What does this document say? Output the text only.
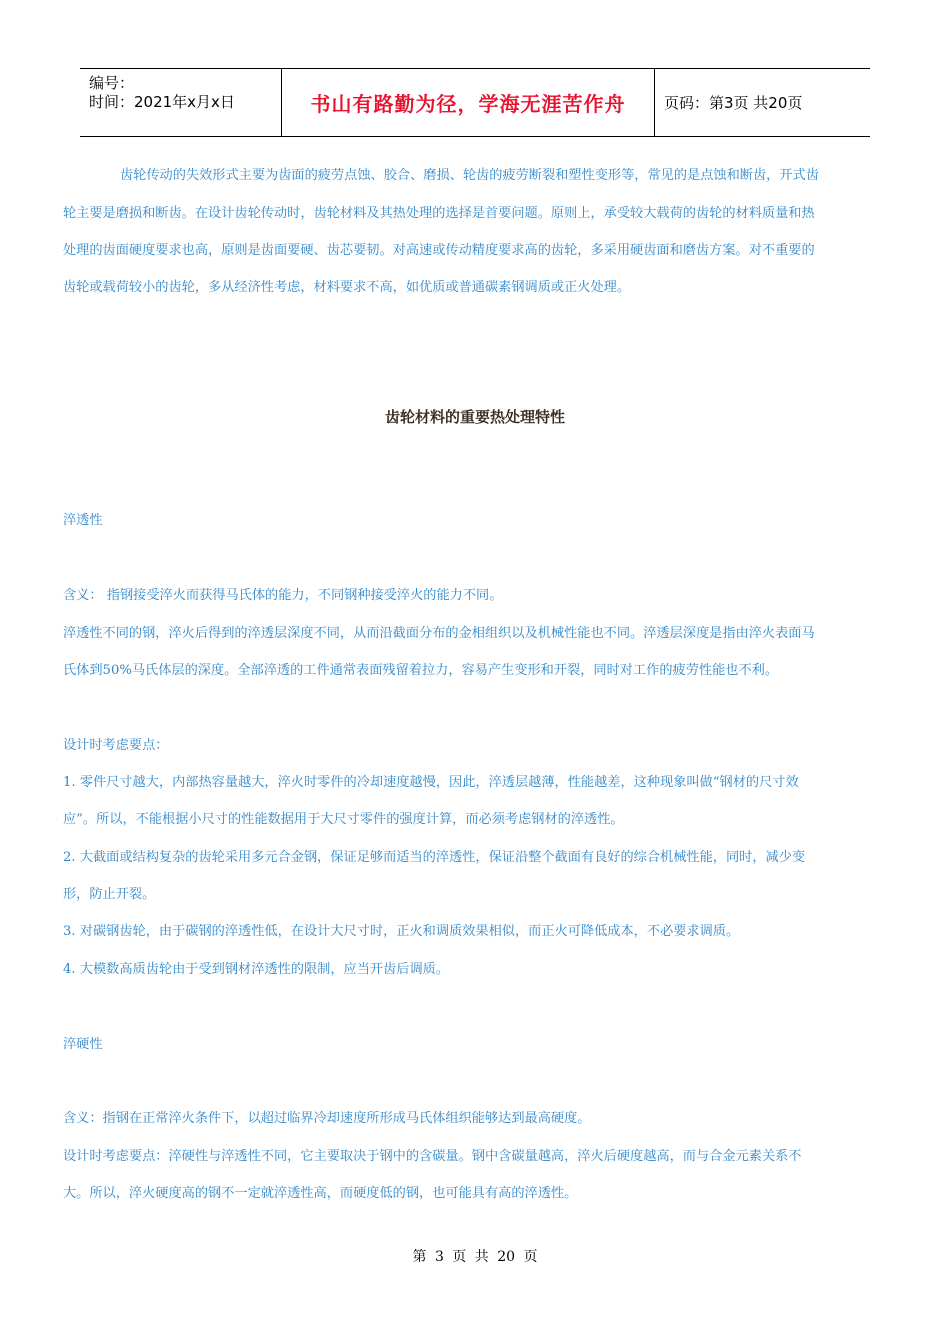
编号：
时间：2021年x月x日	书山有路勤为径，学海无涯苦作舟	页码：第3页 共20页
齿轮传动的失效形式主要为齿面的疲劳点蚀、胶合、磨损、轮齿的疲劳断裂和塑性变形等，常见的是点蚀和断齿，开式齿
轮主要是磨损和断齿。在设计齿轮传动时，齿轮材料及其热处理的选择是首要问题。原则上，承受较大载荷的齿轮的材料质量和热
处理的齿面硬度要求也高，原则是齿面要硬、齿芯要韧。对高速或传动精度要求高的齿轮，多采用硬齿面和磨齿方案。对不重要的
齿轮或载荷较小的齿轮，多从经济性考虑，材料要求不高，如优质或普通碳素钢调质或正火处理。
齿轮材料的重要热处理特性
淬透性
含义： 指钢接受淬火而获得马氏体的能力，不同钢种接受淬火的能力不同。
淬透性不同的钢，淬火后得到的淬透层深度不同，从而沿截面分布的金相组织以及机械性能也不同。淬透层深度是指由淬火表面马
氏体到50%马氏体层的深度。全部淬透的工件通常表面残留着拉力，容易产生变形和开裂，同时对工作的疲劳性能也不利。
设计时考虑要点：
1. 零件尺寸越大，内部热容量越大，淬火时零件的冷却速度越慢，因此，淬透层越薄，性能越差，这种现象叫做“钢材的尺寸效
应”。所以，不能根据小尺寸的性能数据用于大尺寸零件的强度计算，而必须考虑钢材的淬透性。
2. 大截面或结构复杂的齿轮采用多元合金钢，保证足够而适当的淬透性，保证沿整个截面有良好的综合机械性能，同时，减少变
形，防止开裂。
3. 对碳钢齿轮，由于碳钢的淬透性低，在设计大尺寸时，正火和调质效果相似，而正火可降低成本，不必要求调质。
4. 大模数高质齿轮由于受到钢材淬透性的限制，应当开齿后调质。
淬硬性
含义：指钢在正常淬火条件下，以超过临界冷却速度所形成马氏体组织能够达到最高硬度。
设计时考虑要点：淬硬性与淬透性不同，它主要取决于钢中的含碳量。钢中含碳量越高，淬火后硬度越高，而与合金元素关系不
大。所以，淬火硬度高的钢不一定就淬透性高，而硬度低的钢，也可能具有高的淬透性。
第 3 页 共 20 页
